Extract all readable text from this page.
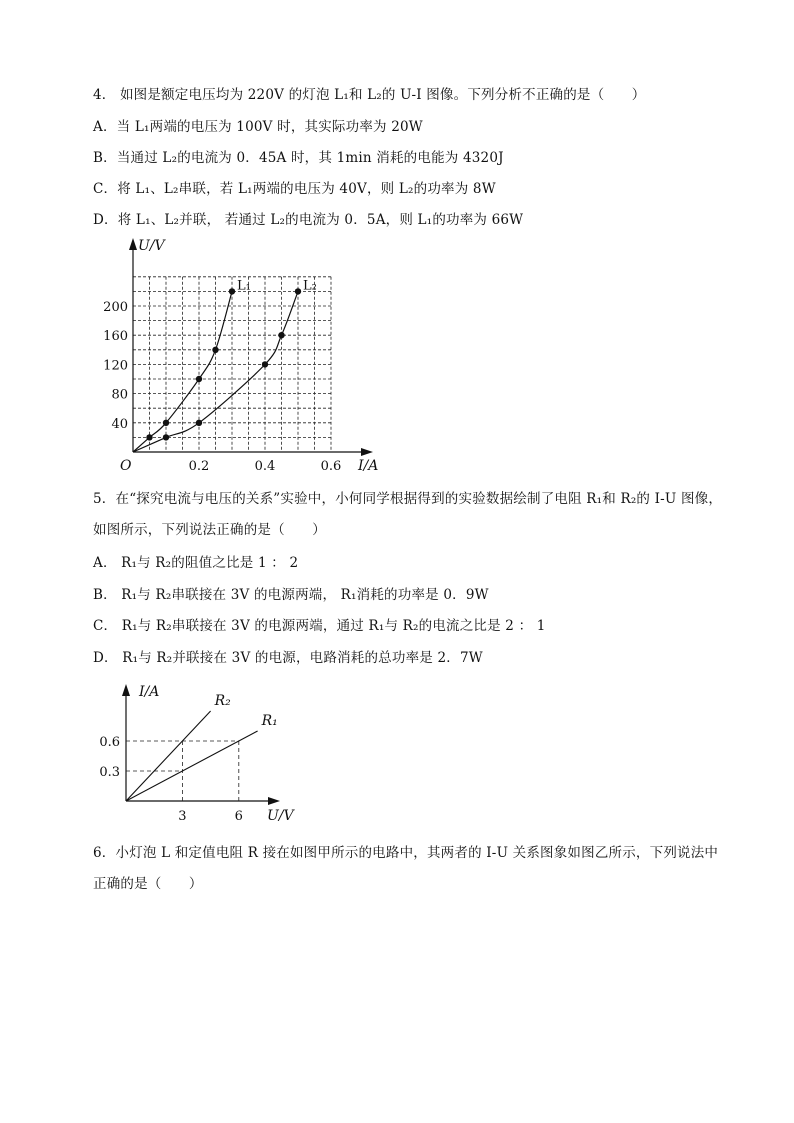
4． 如图是额定电压均为 220V 的灯泡 L₁和 L₂的 U-I 图像。下列分析不正确的是（　　）
A．当 L₁两端的电压为 100V 时，其实际功率为 20W
B．当通过 L₂的电流为 0．45A 时，其 1min 消耗的电能为 4320J
C．将 L₁、L₂串联，若 L₁两端的电压为 40V，则 L₂的功率为 8W
D．将 L₁、L₂并联， 若通过 L₂的电流为 0．5A，则 L₁的功率为 66W
U/V
I/A
O	0.2	0.4	0.6
40
80
120
160
200
L₁	L₂
5．在“探究电流与电压的关系”实验中，小何同学根据得到的实验数据绘制了电阻 R₁和 R₂的 I-U 图像，如图所示，下列说法正确的是（　　）
A． R₁与 R₂的阻值之比是 1 ： 2
B． R₁与 R₂串联接在 3V 的电源两端， R₁消耗的功率是 0．9W
C． R₁与 R₂串联接在 3V 的电源两端，通过 R₁与 R₂的电流之比是 2 ： 1
D． R₁与 R₂并联接在 3V 的电源，电路消耗的总功率是 2．7W
I/A
U/V
3	6
0.3
0.6
R₂
R₁
6．小灯泡 L 和定值电阻 R 接在如图甲所示的电路中，其两者的 I-U 关系图象如图乙所示，下列说法中正确的是（　　）
